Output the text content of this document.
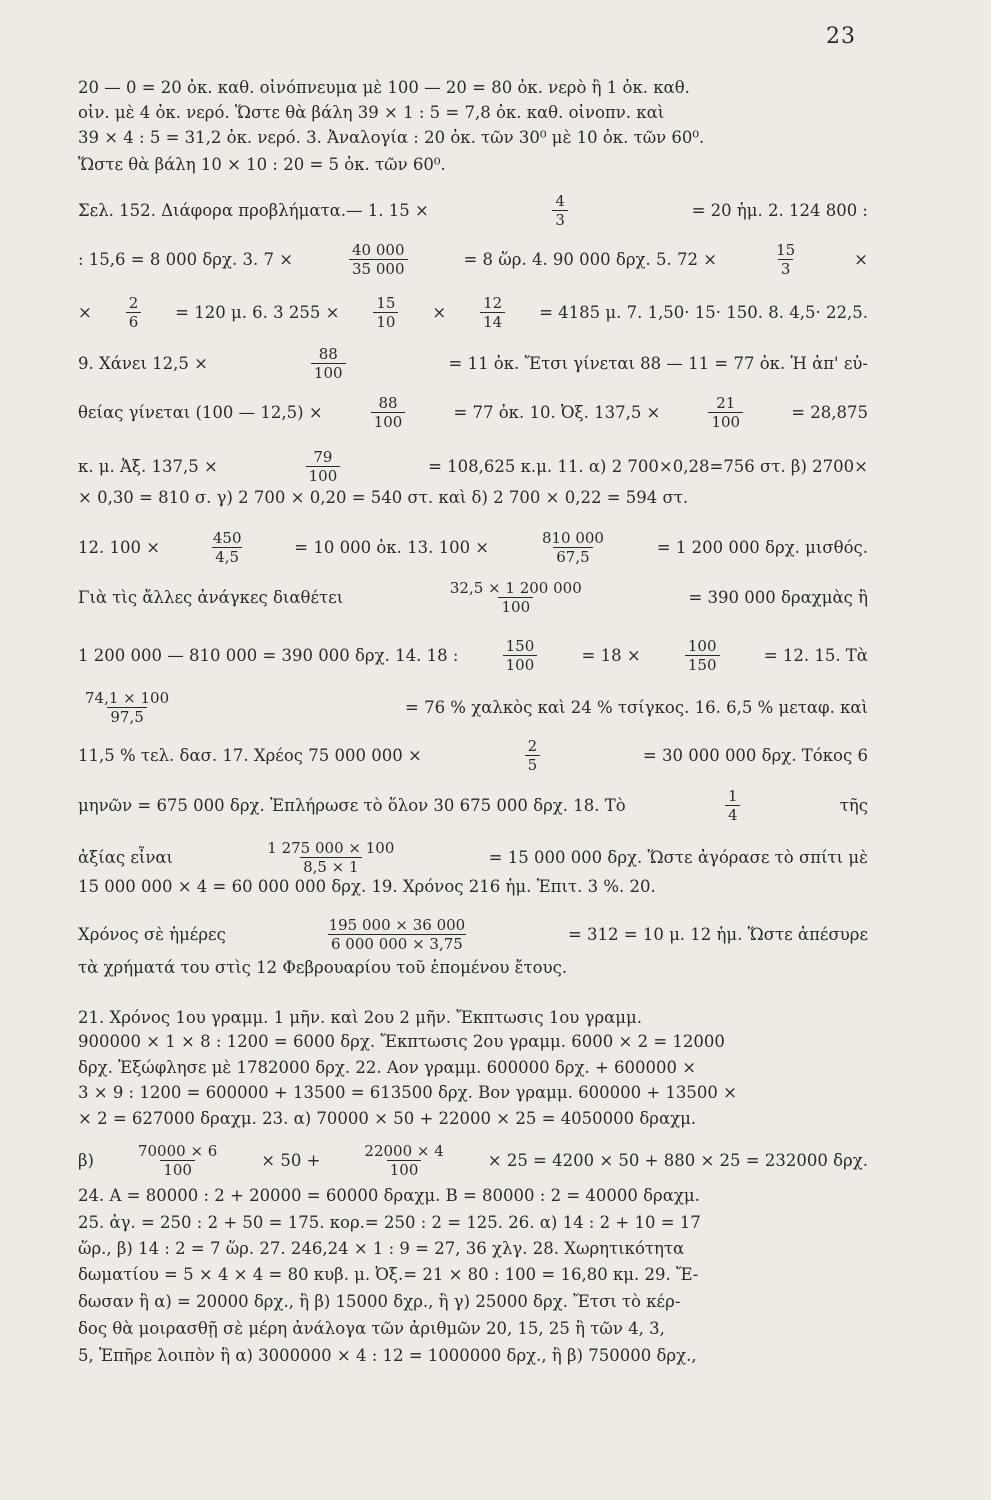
23
20 — 0 = 20 ὀκ. καθ. οἰνόπνευμα μὲ 100 — 20 = 80 ὀκ. νερὸ ἢ 1 ὀκ. καθ.
οἰν. μὲ 4 ὀκ. νερό. Ὥστε θὰ βάλη 39 × 1 : 5 = 7,8 ὀκ. καθ. οἰνοπν. καὶ
39 × 4 : 5 = 31,2 ὀκ. νερό. 3. Ἀναλογία : 20 ὀκ. τῶν 30⁰ μὲ 10 ὀκ. τῶν 60⁰.
Ὥστε θὰ βάλη 10 × 10 : 20 = 5 ὀκ. τῶν 60⁰.
Σελ. 152. Διάφορα προβλήματα.— 1. 15 ×	$\frac{4}{3}$	= 20 ἡμ. 2. 124 800 :
: 15,6 = 8 000 δρχ. 3. 7 ×	$\frac{40 000}{35 000}$	= 8 ὥρ. 4. 90 000 δρχ. 5. 72 ×	$\frac{15}{3}$	×
× $\frac{2}{6} = 120$ μ. 6. 3 $255 \times \frac{15}{10} \times \frac{12}{14} = 4185$ μ. 7. 1,50· 15· 150. 8. 4,5· 22,5.
9. Χάνει 12,5 ×	$\frac{88}{100}$	= 11 ὀκ. Ἔτσι γίνεται 88 — 11 = 77 ὀκ. Ἡ ἀπ' εὐ-
θείας γίνεται (100 — 12,5) ×	$\frac{88}{100}$	= 77 ὀκ. 10. Ὀξ. 137,5 ×	$\frac{21}{100}$	= 28,875
κ. μ. Ἀξ. 137,5 ×	$\frac{79}{100}$	= 108,625 κ.μ. 11. α) 2 700×0,28=756 στ. β) 2700×
× 0,30 = 810 σ. γ) 2 700 × 0,20 = 540 στ. καὶ δ) 2 700 × 0,22 = 594 στ.
12. 100 ×	$\frac{450}{4,5}$	= 10 000 ὀκ. 13. 100 ×	$\frac{810 000}{67,5}$	= 1 200 000 δρχ. μισθός.
Γιὰ τὶς ἄλλες ἀνάγκες διαθέτει	$\frac{32,5 \times 1 200 000}{100}$	= 390 000 δραχμὰς ἢ
1 200 000 — 810 000 = 390 000 δρχ. 14. 18 :	$\frac{150}{100}$	= 18 ×	$\frac{100}{150}$	= 12. 15. Τὰ
$\frac{74,1 \times 100}{97,5}$	= 76 % χαλκὸς καὶ 24 % τσίγκος. 16. 6,5 % μεταφ. καὶ
11,5 % τελ. δασ. 17. Χρέος 75 000 000 ×	$\frac{2}{5}$	= 30 000 000 δρχ. Τόκος 6
μηνῶν = 675 000 δρχ. Ἐπλήρωσε τὸ ὅλον 30 675 000 δρχ. 18. Τὸ	$\frac{1}{4}$	τῆς
ἀξίας εἶναι	$\frac{1 275 000 \times 100}{8,5 \times 1}$	= 15 000 000 δρχ. Ὥστε ἀγόρασε τὸ σπίτι μὲ
15 000 000 × 4 = 60 000 000 δρχ. 19. Χρόνος 216 ἡμ. Ἐπιτ. 3 %. 20.
Χρόνος σὲ ἡμέρες	$\frac{195 000 \times 36 000}{6 000 000 \times 3,75}$	= 312 = 10 μ. 12 ἡμ. Ὥστε ἀπέσυρε
τὰ χρήματά του στὶς 12 Φεβρουαρίου τοῦ ἑπομένου ἔτους.
21. Χρόνος 1ου γραμμ. 1 μῆν. καὶ 2ου 2 μῆν. Ἔκπτωσις 1ου γραμμ.
900000 × 1 × 8 : 1200 = 6000 δρχ. Ἔκπτωσις 2ου γραμμ. 6000 × 2 = 12000
δρχ. Ἐξώφλησε μὲ 1782000 δρχ. 22. Αον γραμμ. 600000 δρχ. + 600000 ×
3 × 9 : 1200 = 600000 + 13500 = 613500 δρχ. Βον γραμμ. 600000 + 13500 ×
× 2 = 627000 δραχμ. 23. α) 70000 × 50 + 22000 × 25 = 4050000 δραχμ.
β)	$\frac{70000 \times 6}{100} \times 50$ +	$\frac{22000 \times 4}{100} \times 25 = 4200 \times 50 + 880 \times 25 = 232000$ δρχ.
24. Α = 80000 : 2 + 20000 = 60000 δραχμ. Β = 80000 : 2 = 40000 δραχμ.
25. ἀγ. = 250 : 2 + 50 = 175. κορ.= 250 : 2 = 125. 26. α) 14 : 2 + 10 = 17
ὥρ., β) 14 : 2 = 7 ὥρ. 27. 246,24 × 1 : 9 = 27, 36 χλγ. 28. Χωρητικότητα
δωματίου = 5 × 4 × 4 = 80 κυβ. μ. Ὀξ.= 21 × 80 : 100 = 16,80 κμ. 29. Ἔ-
δωσαν ἢ α) = 20000 δρχ., ἢ β) 15000 δχρ., ἢ γ) 25000 δρχ. Ἔτσι τὸ κέρ-
δος θὰ μοιρασθῇ σὲ μέρη ἀνάλογα τῶν ἀριθμῶν 20, 15, 25 ἢ τῶν 4, 3,
5, Ἐπῆρε λοιπὸν ἢ α) 3000000 × 4 : 12 = 1000000 δρχ., ἢ β) 750000 δρχ.,
